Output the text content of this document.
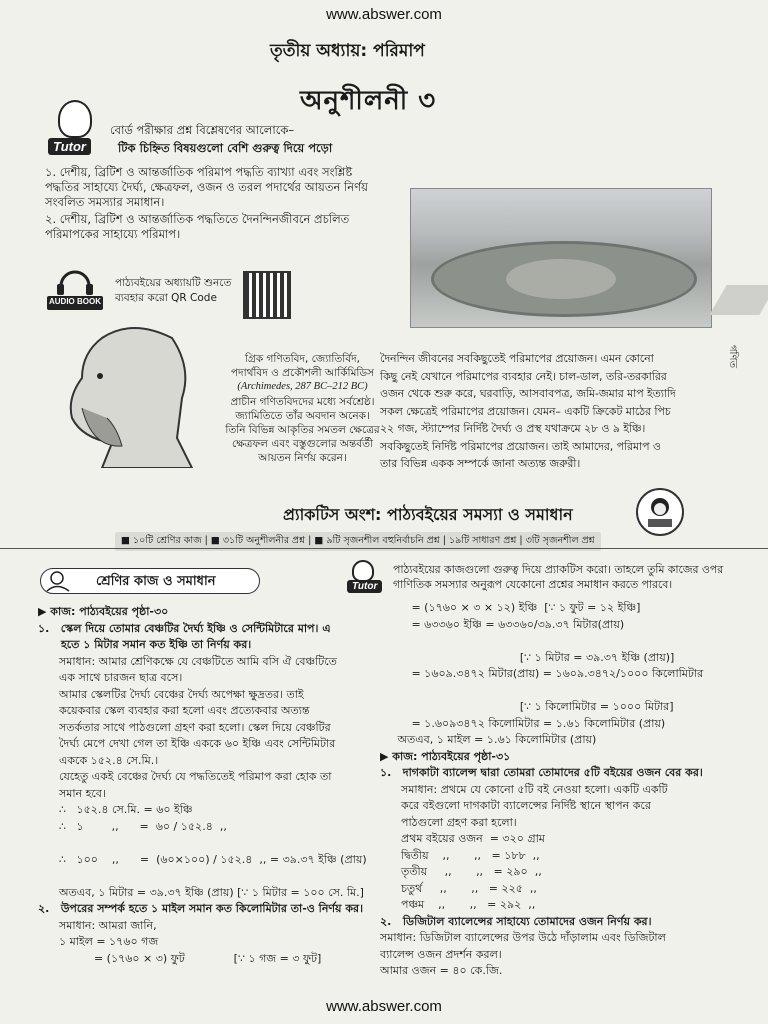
www.abswer.com
তৃতীয় অধ্যায়: পরিমাপ
অনুশীলনী ৩
Tutor
বোর্ড পরীক্ষার প্রশ্ন বিশ্লেষণের আলোকে–
টিক চিহ্নিত বিষয়গুলো বেশি গুরুত্ব দিয়ে পড়ো
১. দেশীয়, ব্রিটিশ ও আন্তর্জাতিক পরিমাপ পদ্ধতি ব্যাখ্যা এবং সংশ্লিষ্ট পদ্ধতির সাহায্যে দৈর্ঘ্য, ক্ষেত্রফল, ওজন ও তরল পদার্থের আয়তন নির্ণয় সংবলিত সমস্যার সমাধান।
২. দেশীয়, ব্রিটিশ ও আন্তর্জাতিক পদ্ধতিতে দৈনন্দিনজীবনে প্রচলিত পরিমাপকের সাহায্যে পরিমাপ।
AUDIO BOOK
পাঠ্যবইয়ের অধ্যায়টি শুনতে ব্যবহার করো QR Code
গণিত
গ্রিক গণিতবিদ, জ্যোতির্বিদ,
পদার্থবিদ ও প্রকৌশলী আর্কিমিডিস
(Archimedes, 287 BC–212 BC)
প্রাচীন গণিতবিদদের মধ্যে সর্বশ্রেষ্ঠ।
জ্যামিতিতে তাঁর অবদান অনেক।
তিনি বিভিন্ন আকৃতির সমতল ক্ষেত্রের
ক্ষেত্রফল এবং বস্তুগুলোর অন্তর্বর্তী
আয়তন নির্ণয় করেন।
দৈনন্দিন জীবনের সবকিছুতেই পরিমাপের প্রয়োজন। এমন কোনো
কিছু নেই যেখানে পরিমাপের ব্যবহার নেই। চাল-ডাল, তরি-তরকারির
ওজন থেকে শুরু করে, ঘরবাড়ি, আসবাবপত্র, জমি-জমার মাপ ইত্যাদি
সকল ক্ষেত্রেই পরিমাপের প্রয়োজন। যেমন– একটি ক্রিকেট মাঠের পিচ
২২ গজ, স্ট্যাম্পের নির্দিষ্ট দৈর্ঘ্য ও প্রস্থ যথাক্রমে ২৮ ও ৯ ইঞ্চি।
সবকিছুতেই নির্দিষ্ট পরিমাপের প্রয়োজন। তাই আমাদের, পরিমাপ ও
তার বিভিন্ন একক সম্পর্কে জানা অত্যন্ত জরুরী।
প্র্যাকটিস অংশ: পাঠ্যবইয়ের সমস্যা ও সমাধান
■ ১০টি শ্রেণির কাজ | ■ ৩১টি অনুশীলনীর প্রশ্ন | ■ ৯টি সৃজনশীল বহুনির্বাচনি প্রশ্ন | ১৯টি সাধারণ প্রশ্ন | ৩টি সৃজনশীল প্রশ্ন
শ্রেণির কাজ ও সমাধান	Tutor
পাঠ্যবইয়ের কাজগুলো গুরুত্ব দিয়ে প্র্যাকটিস করো। তাহলে তুমি কাজের ওপর
গাণিতিক সমস্যার অনুরূপ যেকোনো প্রশ্নের সমাধান করতে পারবে।
▶ কাজ: পাঠ্যবইয়ের পৃষ্ঠা-৩০
১.   স্কেল দিয়ে তোমার বেঞ্চটির দৈর্ঘ্য ইঞ্চি ও সেন্টিমিটারে মাপ। এ
হতে ১ মিটার সমান কত ইঞ্চি তা নির্ণয় কর।
সমাধান: আমার শ্রেণিকক্ষে যে বেঞ্চটিতে আমি বসি ঐ বেঞ্চটিতে
এক সাথে চারজন ছাত্র বসে।
আমার স্কেলটির দৈর্ঘ্য বেঞ্চের দৈর্ঘ্য অপেক্ষা ক্ষুদ্রতর। তাই
কয়েকবার স্কেল ব্যবহার করা হলো এবং প্রত্যেকবার অত্যন্ত
সতর্কতার সাথে পাঠগুলো গ্রহণ করা হলো। স্কেল দিয়ে বেঞ্চটির
দৈর্ঘ্য মেপে দেখা গেল তা ইঞ্চি এককে ৬০ ইঞ্চি এবং সেন্টিমিটার
এককে ১৫২.৪ সে.মি.।
যেহেতু একই বেঞ্চের দৈর্ঘ্য যে পদ্ধতিতেই পরিমাপ করা হোক তা
সমান হবে।
∴   ১৫২.৪ সে.মি. = ৬০ ইঞ্চি
∴   ১        ,,      =  ৬০ / ১৫২.৪  ,,
∴   ১০০    ,,      =  (৬০×১০০) / ১৫২.৪  ,, = ৩৯.৩৭ ইঞ্চি (প্রায়)
অতএব, ১ মিটার = ৩৯.৩৭ ইঞ্চি (প্রায়) [∵ ১ মিটার = ১০০ সে. মি.]
২.   উপরের সম্পর্ক হতে ১ মাইল সমান কত কিলোমিটার তা-ও নির্ণয় কর।
সমাধান: আমরা জানি,
১ মাইল = ১৭৬০ গজ
= (১৭৬০ × ৩) ফুট              [∵ ১ গজ = ৩ ফুট]
= (১৭৬০ × ৩ × ১২) ইঞ্চি  [∵ ১ ফুট = ১২ ইঞ্চি]
= ৬৩৩৬০ ইঞ্চি = ৬৩৩৬০/৩৯.৩৭ মিটার(প্রায়)
[∵ ১ মিটার = ৩৯.৩৭ ইঞ্চি (প্রায়)]
= ১৬০৯.৩৪৭২ মিটার(প্রায়) = ১৬০৯.৩৪৭২/১০০০ কিলোমিটার
[∵ ১ কিলোমিটার = ১০০০ মিটার]
= ১.৬০৯৩৪৭২ কিলোমিটার = ১.৬১ কিলোমিটার (প্রায়)
অতএব, ১ মাইল = ১.৬১ কিলোমিটার (প্রায়)
▶ কাজ: পাঠ্যবইয়ের পৃষ্ঠা-৩১
১.   দাগকাটা ব্যালেন্স দ্বারা তোমরা তোমাদের ৫টি বইয়ের ওজন বের কর।
সমাধান: প্রথমে যে কোনো ৫টি বই নেওয়া হলো। একটি একটি
করে বইগুলো দাগকাটা ব্যালেন্সের নির্দিষ্ট স্থানে স্থাপন করে
পাঠগুলো গ্রহণ করা হলো।
প্রথম বইয়ের ওজন  = ৩২০ গ্রাম
দ্বিতীয়    ,,       ,,   = ১৮৮  ,,
তৃতীয়     ,,       ,,   = ২৯০  ,,
চতুর্থ     ,,       ,,   = ২২৫  ,,
পঞ্চম    ,,       ,,   = ২৯২  ,,
২.   ডিজিটাল ব্যালেন্সের সাহায্যে তোমাদের ওজন নির্ণয় কর।
সমাধান: ডিজিটাল ব্যালেন্সের উপর উঠে দাঁড়ালাম এবং ডিজিটাল
ব্যালেন্স ওজন প্রদর্শন করল।
আমার ওজন = ৪০ কে.জি.
www.abswer.com
